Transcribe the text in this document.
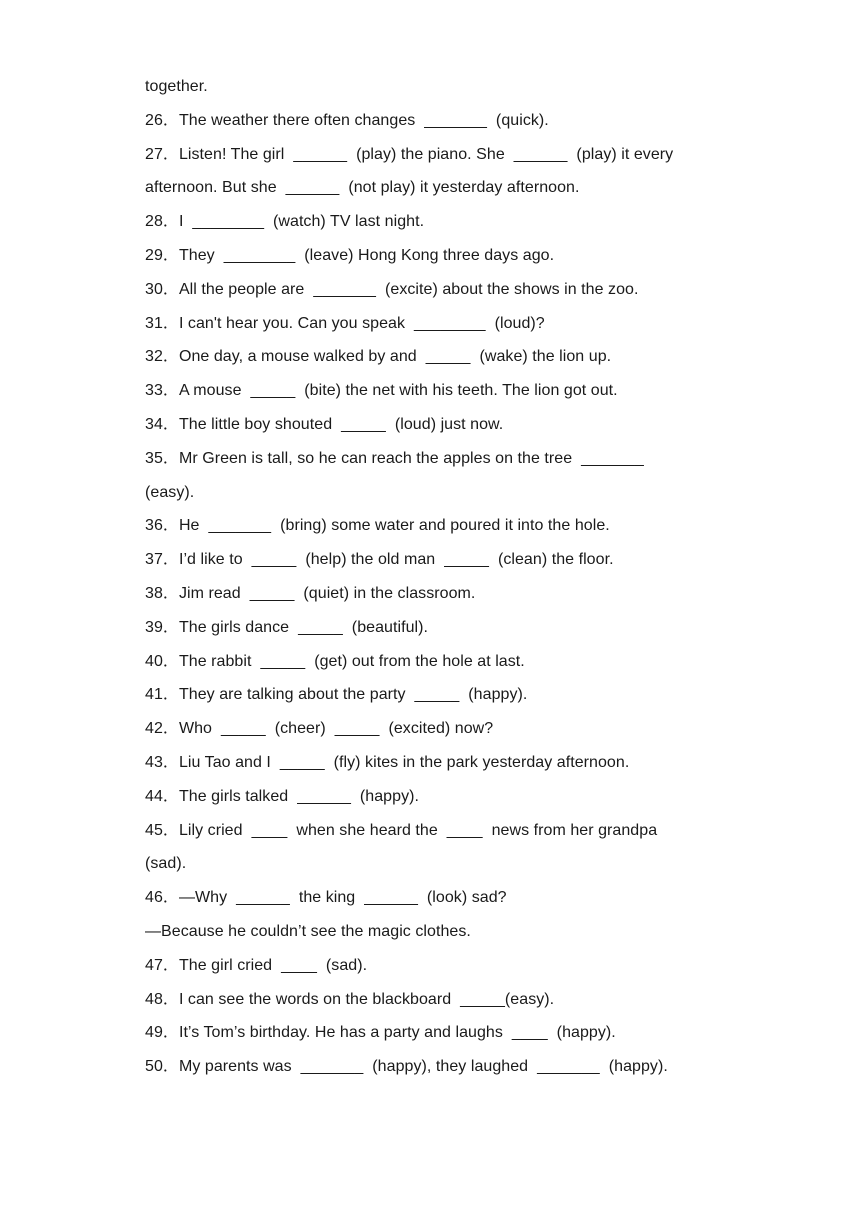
together.
26．The weather there often changes  _______  (quick).
27．Listen! The girl  ______  (play) the piano. She  ______  (play) it every
afternoon. But she  ______  (not play) it yesterday afternoon.
28．I  ________  (watch) TV last night.
29．They  ________  (leave) Hong Kong three days ago.
30．All the people are  _______  (excite) about the shows in the zoo.
31．I can't hear you. Can you speak  ________  (loud)?
32．One day, a mouse walked by and  _____  (wake) the lion up.
33．A mouse  _____  (bite) the net with his teeth. The lion got out.
34．The little boy shouted  _____  (loud) just now.
35．Mr Green is tall, so he can reach the apples on the tree  _______
(easy).
36．He  _______  (bring) some water and poured it into the hole.
37．I’d like to  _____  (help) the old man  _____  (clean) the floor.
38．Jim read  _____  (quiet) in the classroom.
39．The girls dance  _____  (beautiful).
40．The rabbit  _____  (get) out from the hole at last.
41．They are talking about the party  _____  (happy).
42．Who  _____  (cheer)  _____  (excited) now?
43．Liu Tao and I  _____  (fly) kites in the park yesterday afternoon.
44．The girls talked  ______  (happy).
45．Lily cried  ____  when she heard the  ____  news from her grandpa
(sad).
46．—Why  ______  the king  ______  (look) sad?
—Because he couldn’t see the magic clothes.
47．The girl cried  ____  (sad).
48．I can see the words on the blackboard  _____(easy).
49．It’s Tom’s birthday. He has a party and laughs  ____  (happy).
50．My parents was  _______  (happy), they laughed  _______  (happy).
